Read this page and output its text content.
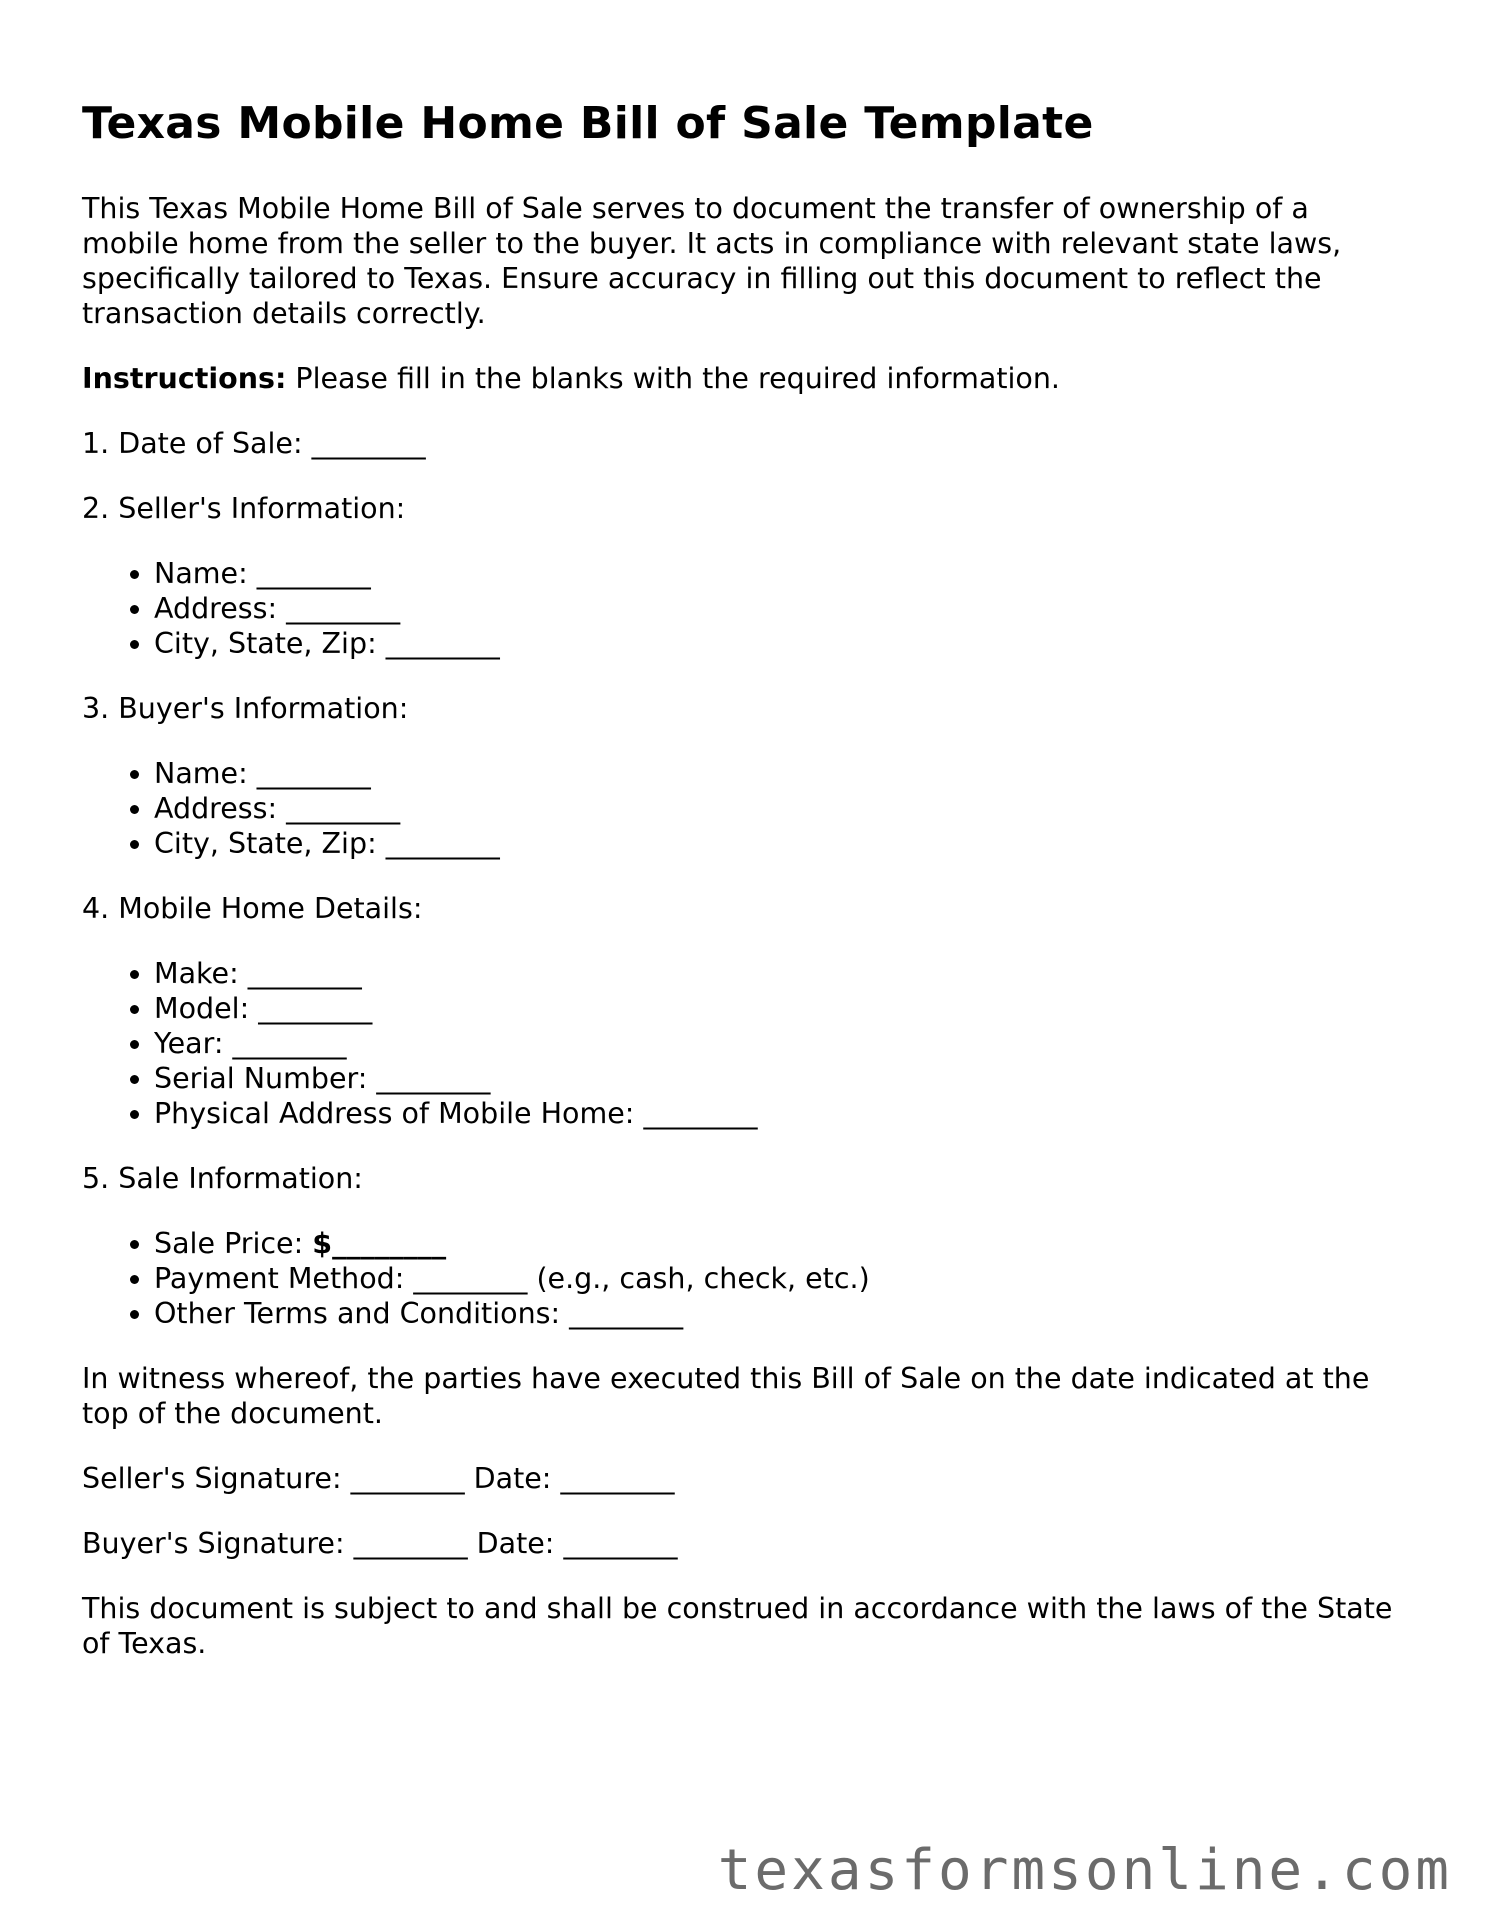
Texas Mobile Home Bill of Sale Template

This Texas Mobile Home Bill of Sale serves to document the transfer of ownership of a mobile home from the seller to the buyer. It acts in compliance with relevant state laws, specifically tailored to Texas. Ensure accuracy in filling out this document to reflect the transaction details correctly.

Instructions: Please fill in the blanks with the required information.

1. Date of Sale: ________

2. Seller's Information:

• Name: ________
• Address: ________
• City, State, Zip: ________

3. Buyer's Information:

• Name: ________
• Address: ________
• City, State, Zip: ________

4. Mobile Home Details:

• Make: ________
• Model: ________
• Year: ________
• Serial Number: ________
• Physical Address of Mobile Home: ________

5. Sale Information:

• Sale Price: $________
• Payment Method: ________ (e.g., cash, check, etc.)
• Other Terms and Conditions: ________

In witness whereof, the parties have executed this Bill of Sale on the date indicated at the top of the document.

Seller's Signature: ________ Date: ________

Buyer's Signature: ________ Date: ________

This document is subject to and shall be construed in accordance with the laws of the State of Texas.

texasformsonline.com
